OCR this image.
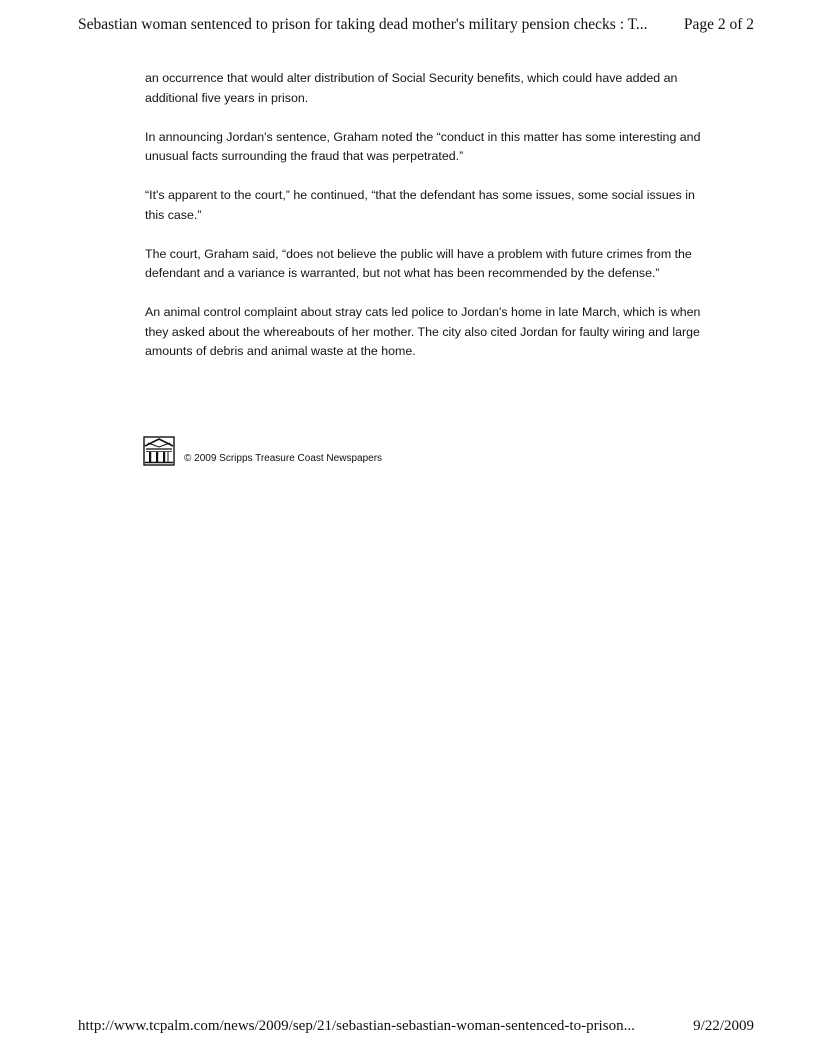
Sebastian woman sentenced to prison for taking dead mother's military pension checks : T... Page 2 of 2

an occurrence that would alter distribution of Social Security benefits, which could have added an additional five years in prison.

In announcing Jordan's sentence, Graham noted the “conduct in this matter has some interesting and unusual facts surrounding the fraud that was perpetrated.”

“It's apparent to the court,” he continued, “that the defendant has some issues, some social issues in this case.”

The court, Graham said, “does not believe the public will have a problem with future crimes from the defendant and a variance is warranted, but not what has been recommended by the defense.”

An animal control complaint about stray cats led police to Jordan's home in late March, which is when they asked about the whereabouts of her mother. The city also cited Jordan for faulty wiring and large amounts of debris and animal waste at the home.

© 2009 Scripps Treasure Coast Newspapers
http://www.tcpalm.com/news/2009/sep/21/sebastian-sebastian-woman-sentenced-to-prison...	9/22/2009
